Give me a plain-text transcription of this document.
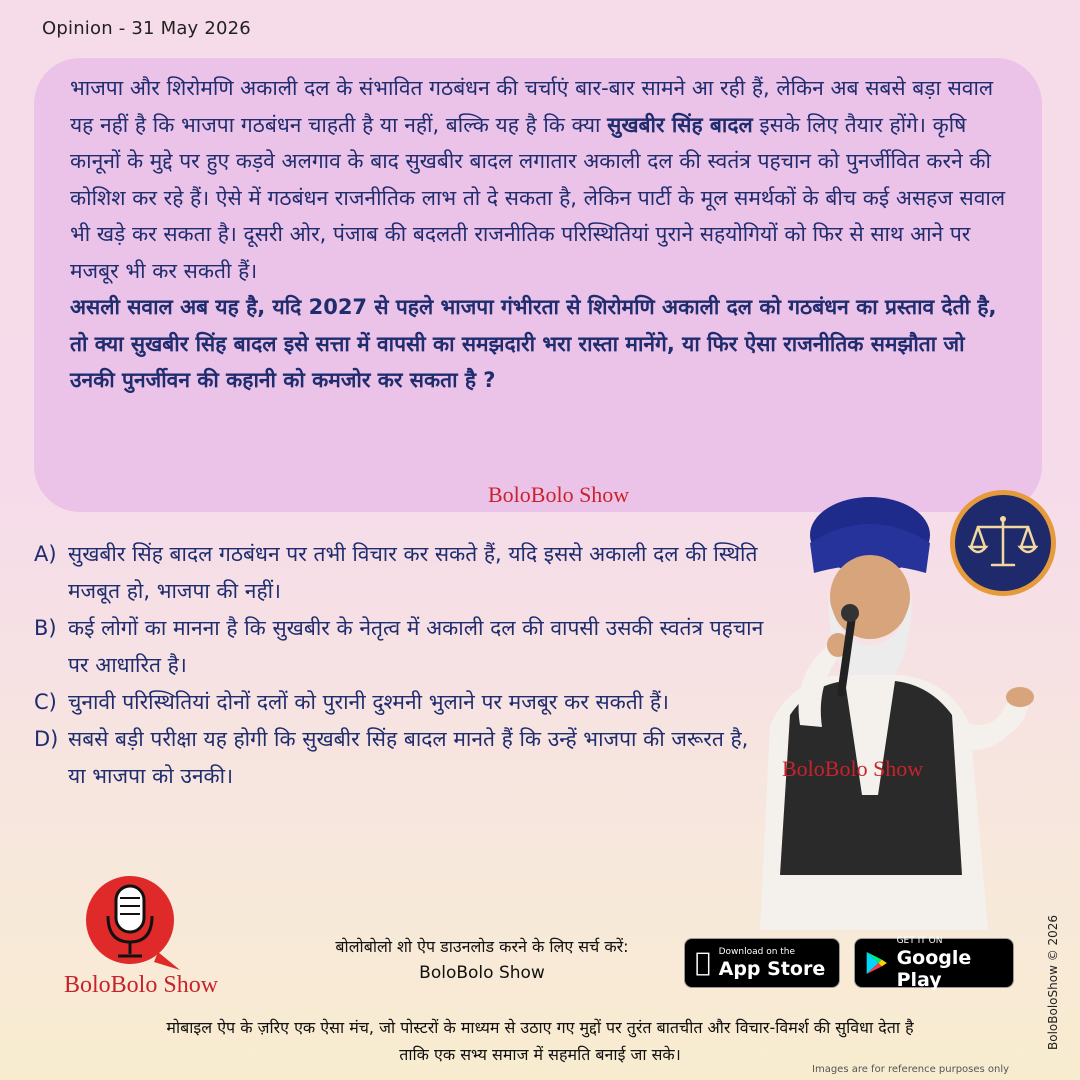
Opinion - 31 May 2026
भाजपा और शिरोमणि अकाली दल के संभावित गठबंधन की चर्चाएं बार-बार सामने आ रही हैं, लेकिन अब सबसे बड़ा सवाल यह नहीं है कि भाजपा गठबंधन चाहती है या नहीं, बल्कि यह है कि क्या सुखबीर सिंह बादल इसके लिए तैयार होंगे। कृषि कानूनों के मुद्दे पर हुए कड़वे अलगाव के बाद सुखबीर बादल लगातार अकाली दल की स्वतंत्र पहचान को पुनर्जीवित करने की कोशिश कर रहे हैं। ऐसे में गठबंधन राजनीतिक लाभ तो दे सकता है, लेकिन पार्टी के मूल समर्थकों के बीच कई असहज सवाल भी खड़े कर सकता है। दूसरी ओर, पंजाब की बदलती राजनीतिक परिस्थितियां पुराने सहयोगियों को फिर से साथ आने पर मजबूर भी कर सकती हैं।
असली सवाल अब यह है, यदि 2027 से पहले भाजपा गंभीरता से शिरोमणि अकाली दल को गठबंधन का प्रस्ताव देती है, तो क्या सुखबीर सिंह बादल इसे सत्ता में वापसी का समझदारी भरा रास्ता मानेंगे, या फिर ऐसा राजनीतिक समझौता जो उनकी पुनर्जीवन की कहानी को कमजोर कर सकता है ?
BoloBolo Show
A) सुखबीर सिंह बादल गठबंधन पर तभी विचार कर सकते हैं, यदि इससे अकाली दल की स्थिति मजबूत हो, भाजपा की नहीं।
B) कई लोगों का मानना है कि सुखबीर के नेतृत्व में अकाली दल की वापसी उसकी स्वतंत्र पहचान पर आधारित है।
C) चुनावी परिस्थितियां दोनों दलों को पुरानी दुश्मनी भुलाने पर मजबूर कर सकती हैं।
D) सबसे बड़ी परीक्षा यह होगी कि सुखबीर सिंह बादल मानते हैं कि उन्हें भाजपा की जरूरत है, या भाजपा को उनकी।	BoloBolo Show
BoloBolo Show
बोलोबोलो शो ऐप डाउनलोड करने के लिए सर्च करें:
BoloBolo Show
Download on the
App Store
GET IT ON
Google Play
मोबाइल ऐप के ज़रिए एक ऐसा मंच, जो पोस्टरों के माध्यम से उठाए गए मुद्दों पर तुरंत बातचीत और विचार-विमर्श की सुविधा देता है
ताकि एक सभ्य समाज में सहमति बनाई जा सके।
BoloBoloShow © 2026
Images are for reference purposes only
